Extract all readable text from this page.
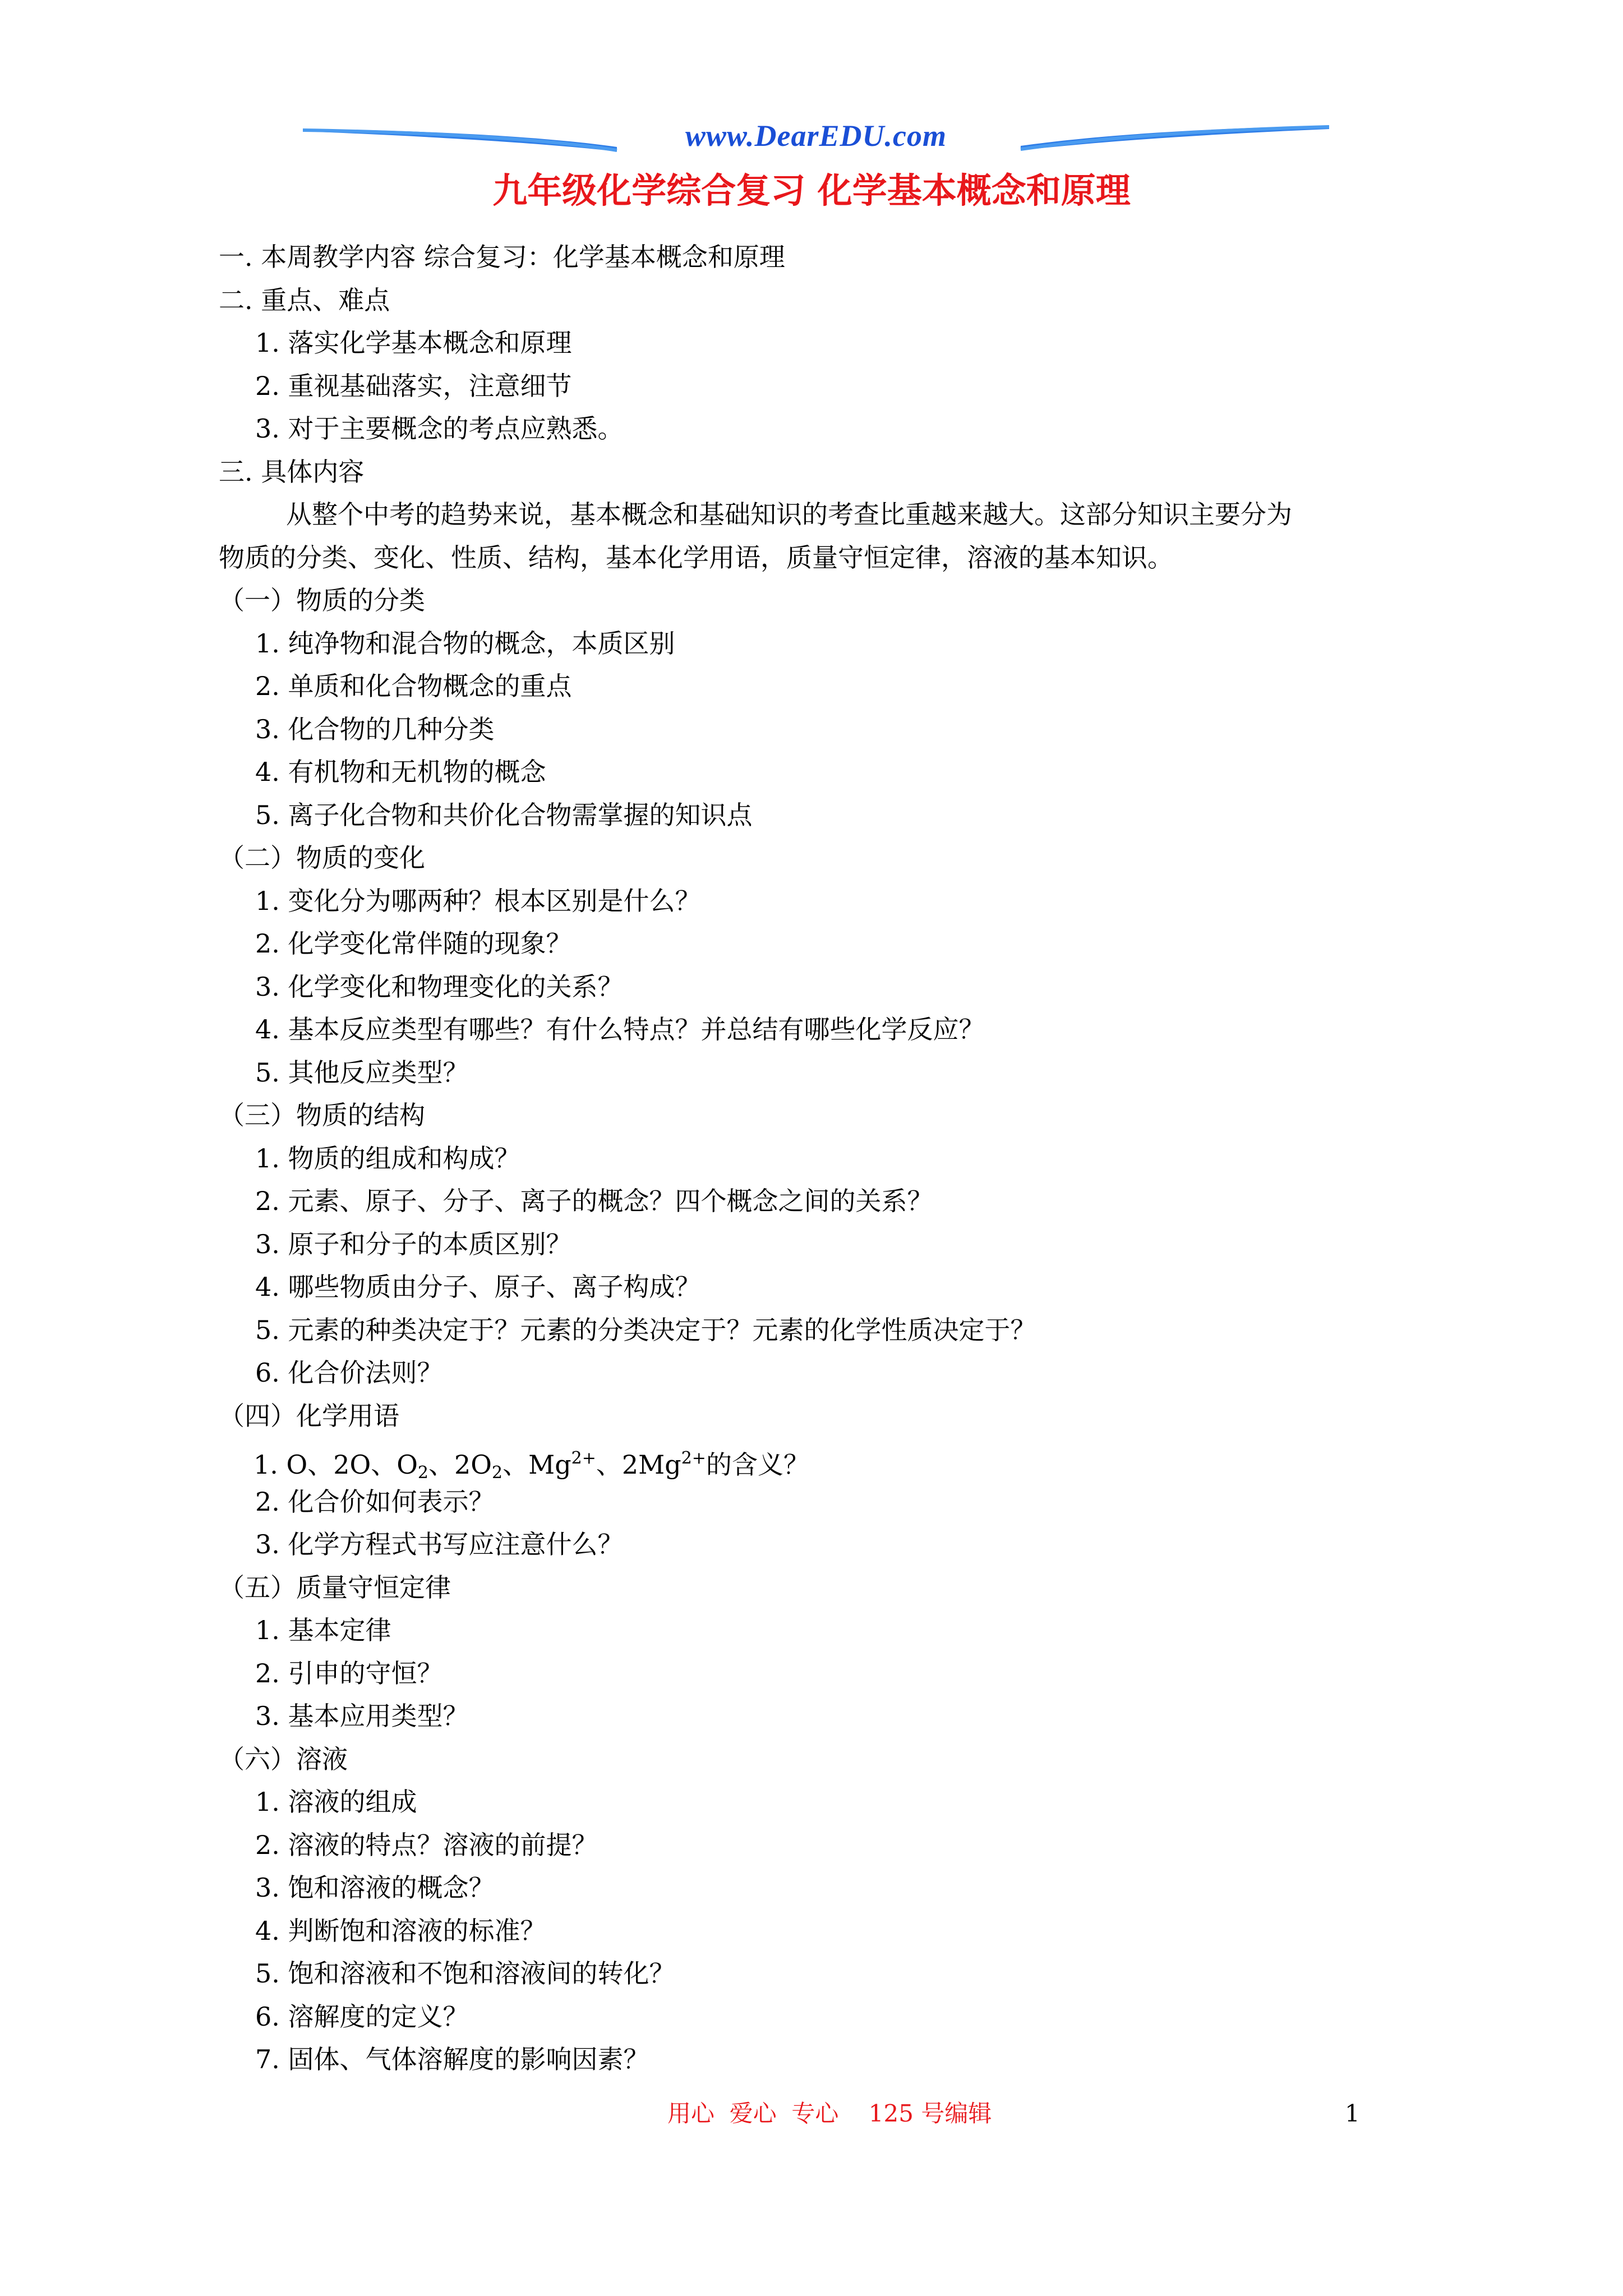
www.DearEDU.com
九年级化学综合复习 化学基本概念和原理
一. 本周教学内容 综合复习：化学基本概念和原理
二. 重点、难点
1. 落实化学基本概念和原理
2. 重视基础落实，注意细节
3. 对于主要概念的考点应熟悉。
三. 具体内容
从整个中考的趋势来说，基本概念和基础知识的考查比重越来越大。这部分知识主要分为
物质的分类、变化、性质、结构，基本化学用语，质量守恒定律，溶液的基本知识。
（一）物质的分类
1. 纯净物和混合物的概念，本质区别
2. 单质和化合物概念的重点
3. 化合物的几种分类
4. 有机物和无机物的概念
5. 离子化合物和共价化合物需掌握的知识点
（二）物质的变化
1. 变化分为哪两种？根本区别是什么？
2. 化学变化常伴随的现象？
3. 化学变化和物理变化的关系？
4. 基本反应类型有哪些？有什么特点？并总结有哪些化学反应？
5. 其他反应类型？
（三）物质的结构
1. 物质的组成和构成？
2. 元素、原子、分子、离子的概念？四个概念之间的关系？
3. 原子和分子的本质区别？
4. 哪些物质由分子、原子、离子构成？
5. 元素的种类决定于？元素的分类决定于？元素的化学性质决定于？
6. 化合价法则？
（四）化学用语
1. O、2O、$O_2$、$2O_2$、$Mg^{2+}$、$2Mg^{2+}$的含义？
2. 化合价如何表示？
3. 化学方程式书写应注意什么？
（五）质量守恒定律
1. 基本定律
2. 引申的守恒？
3. 基本应用类型？
（六）溶液
1. 溶液的组成
2. 溶液的特点？溶液的前提？
3. 饱和溶液的概念？
4. 判断饱和溶液的标准？
5. 饱和溶液和不饱和溶液间的转化？
6. 溶解度的定义？
7. 固体、气体溶解度的影响因素？
用心  爱心  专心    125 号编辑	1
